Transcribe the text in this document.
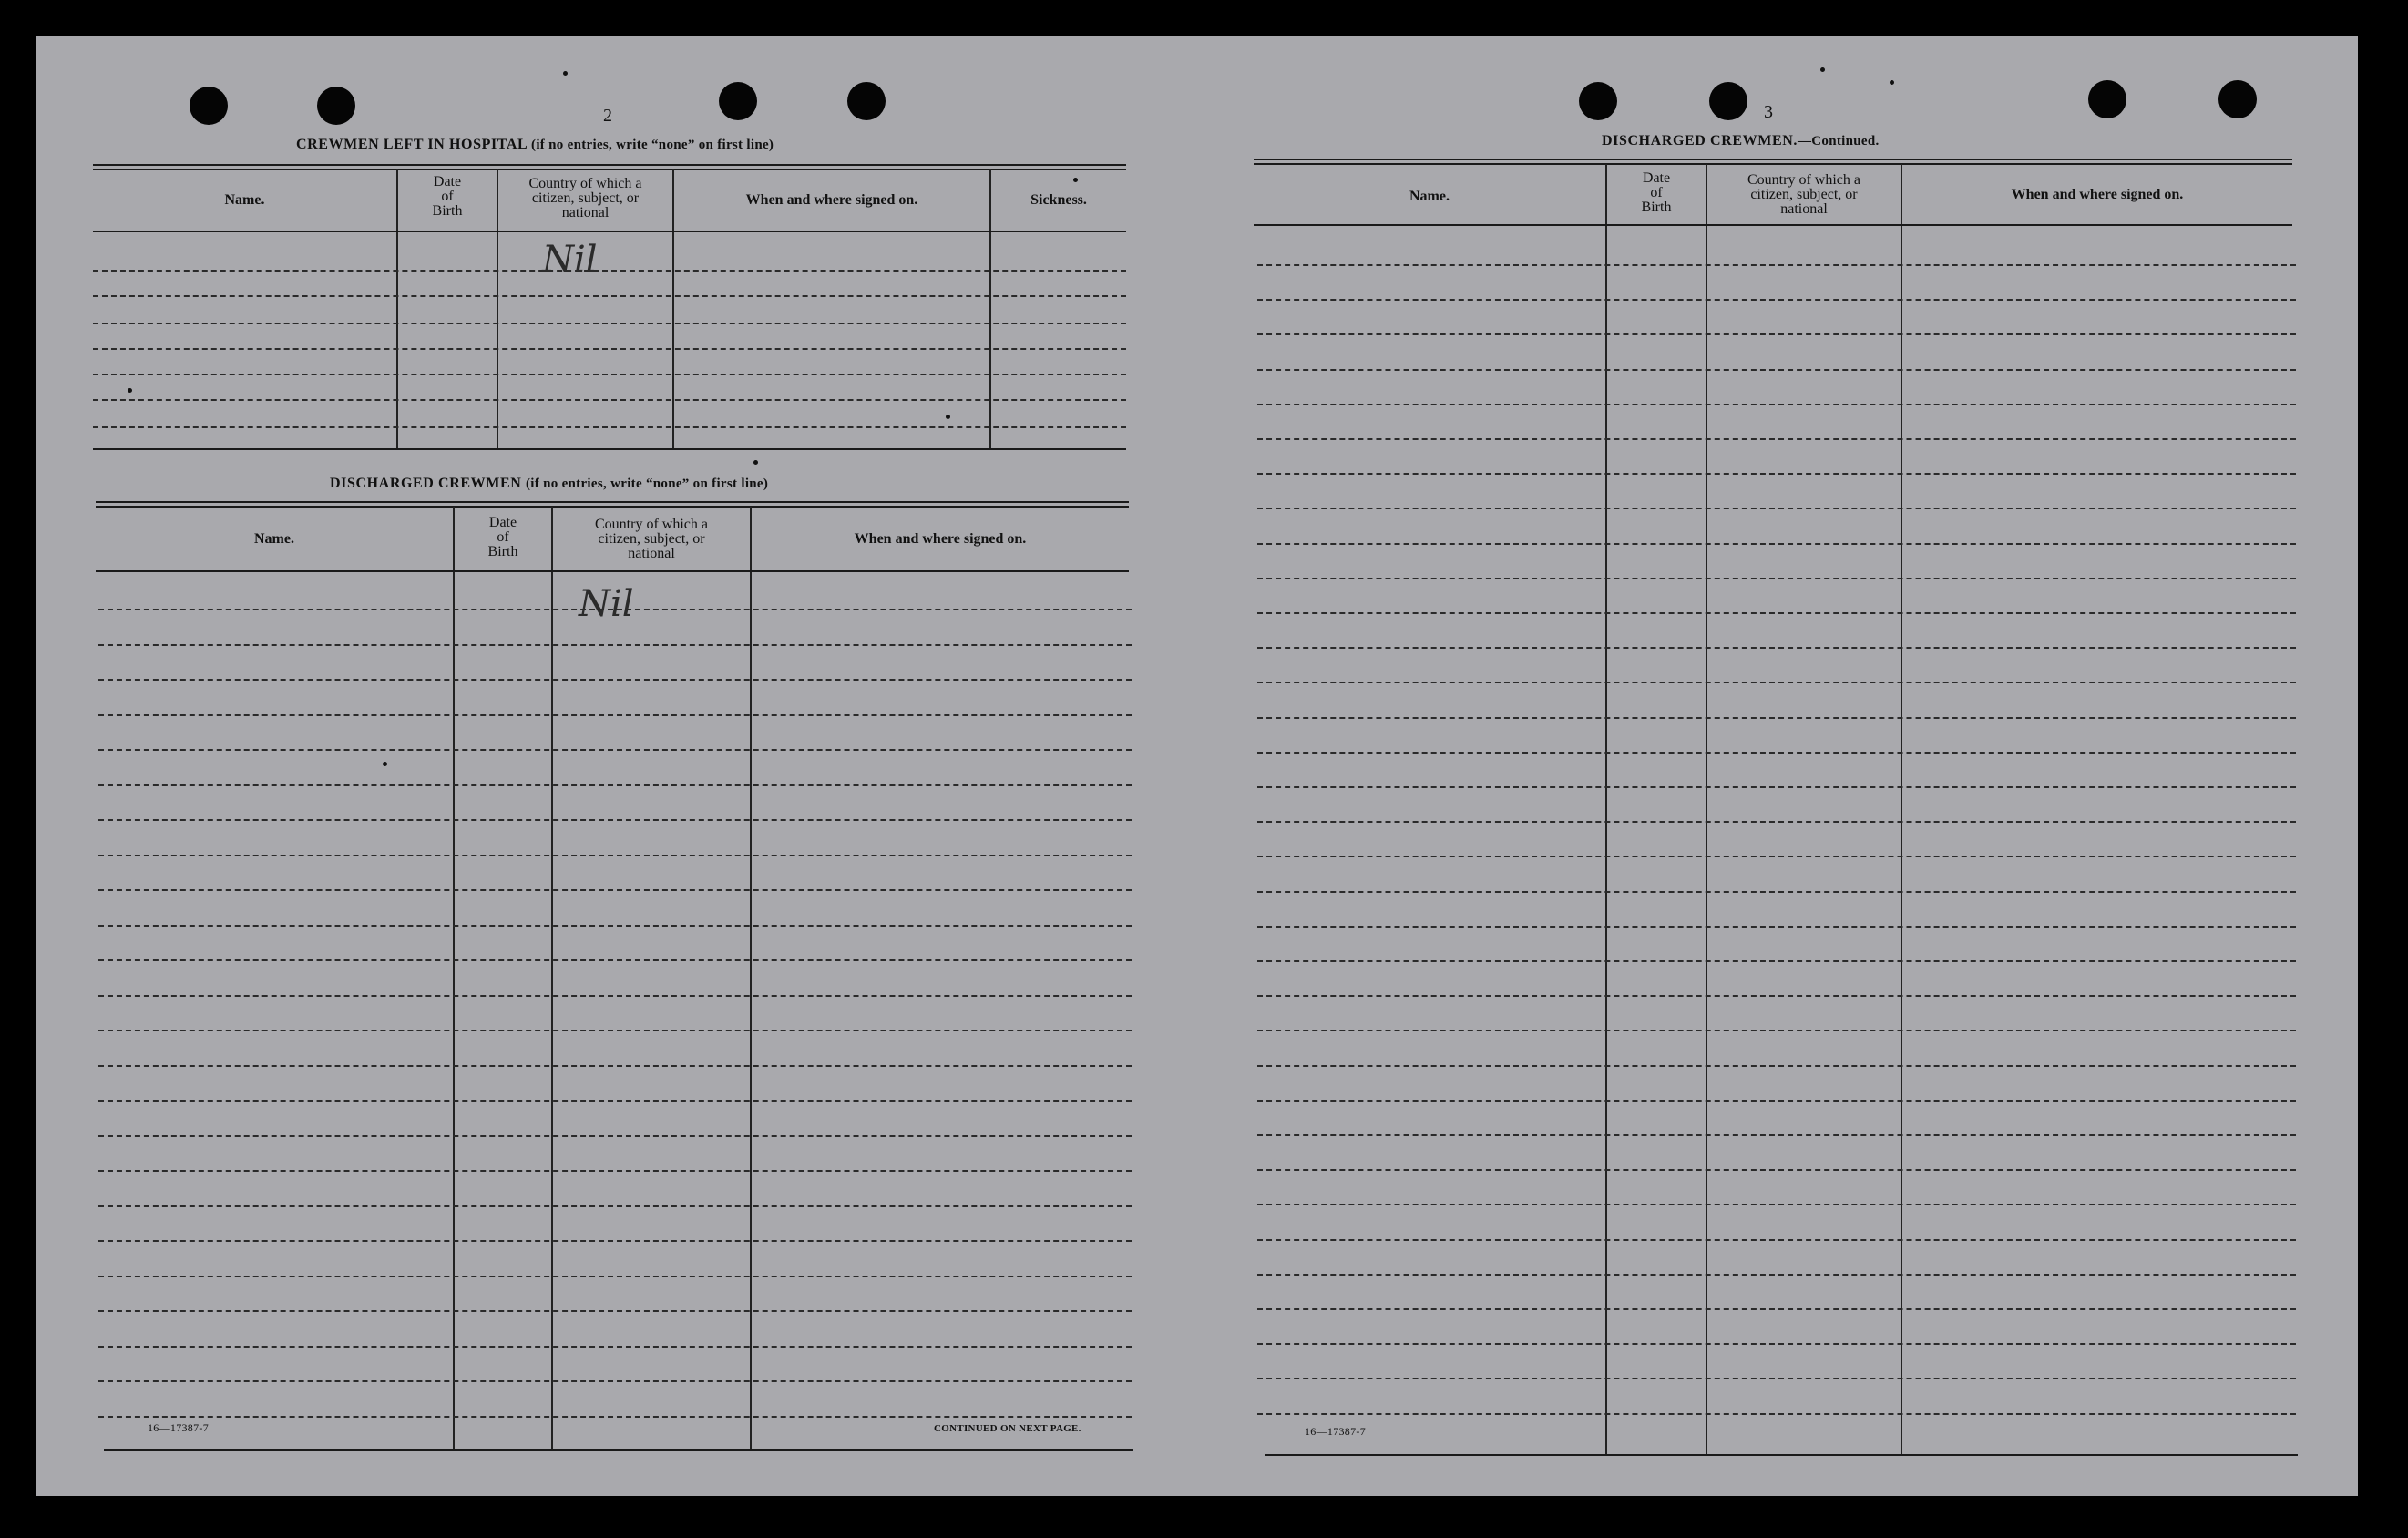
2
CREWMEN LEFT IN HOSPITAL (if no entries, write “none” on first line)
Name.
Date
of
Birth
Country of which a
citizen, subject, or
national
When and where signed on.	Sickness.
Nil
DISCHARGED CREWMEN (if no entries, write “none” on first line)
Name.
Date
of
Birth
Country of which a
citizen, subject, or
national
When and where signed on.
Nil
16—17387-7	CONTINUED ON NEXT PAGE.
3
DISCHARGED CREWMEN.—Continued.
Name.
Date
of
Birth
Country of which a
citizen, subject, or
national
When and where signed on.
16—17387-7
